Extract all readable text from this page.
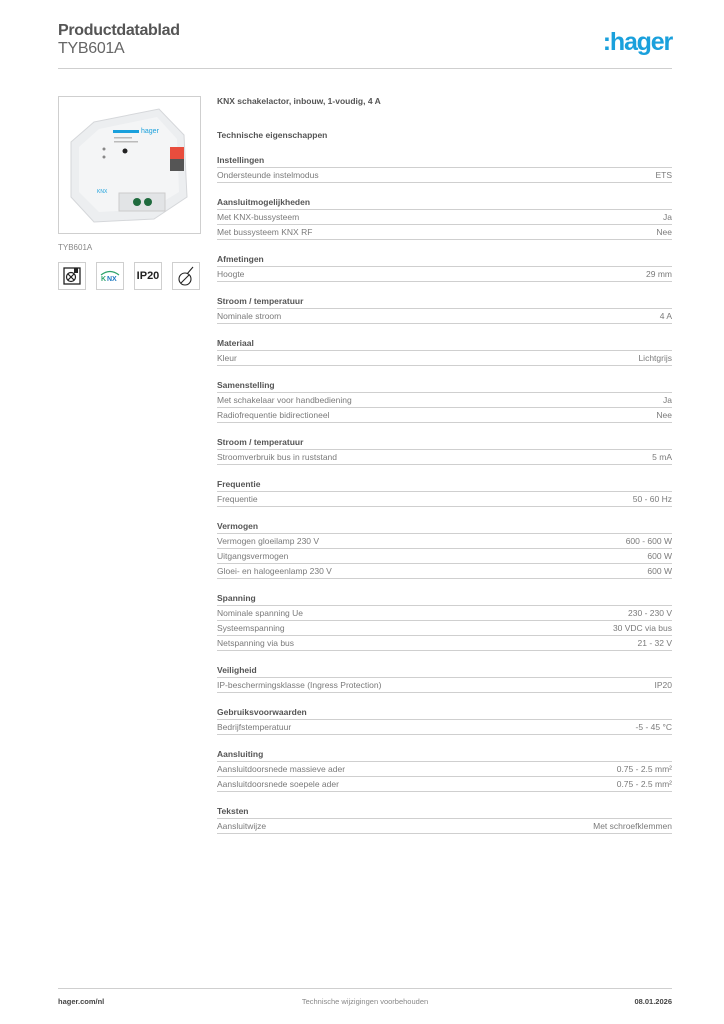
Productdatablad
TYB601A	:hager
hager
KNX
TYB601A
K NX IP20
KNX schakelactor, inbouw, 1-voudig, 4 A
Technische eigenschappen
Instellingen
Ondersteunde instelmodus	ETS
Aansluitmogelijkheden
Met KNX-bussysteem	Ja
Met bussysteem KNX RF	Nee
Afmetingen
Hoogte	29 mm
Stroom / temperatuur
Nominale stroom	4 A
Materiaal
Kleur	Lichtgrijs
Samenstelling
Met schakelaar voor handbediening	Ja
Radiofrequentie bidirectioneel	Nee
Stroom / temperatuur
Stroomverbruik bus in ruststand	5 mA
Frequentie
Frequentie	50 - 60 Hz
Vermogen
Vermogen gloeilamp 230 V	600 - 600 W
Uitgangsvermogen	600 W
Gloei- en halogeenlamp 230 V	600 W
Spanning
Nominale spanning Ue	230 - 230 V
Systeemspanning	30 VDC via bus
Netspanning via bus	21 - 32 V
Veiligheid
IP-beschermingsklasse (Ingress Protection)	IP20
Gebruiksvoorwaarden
Bedrijfstemperatuur	-5 - 45 °C
Aansluiting
Aansluitdoorsnede massieve ader	0.75 - 2.5 mm²
Aansluitdoorsnede soepele ader	0.75 - 2.5 mm²
Teksten
Aansluitwijze	Met schroefklemmen
hager.com/nl	Technische wijzigingen voorbehouden	08.01.2026
